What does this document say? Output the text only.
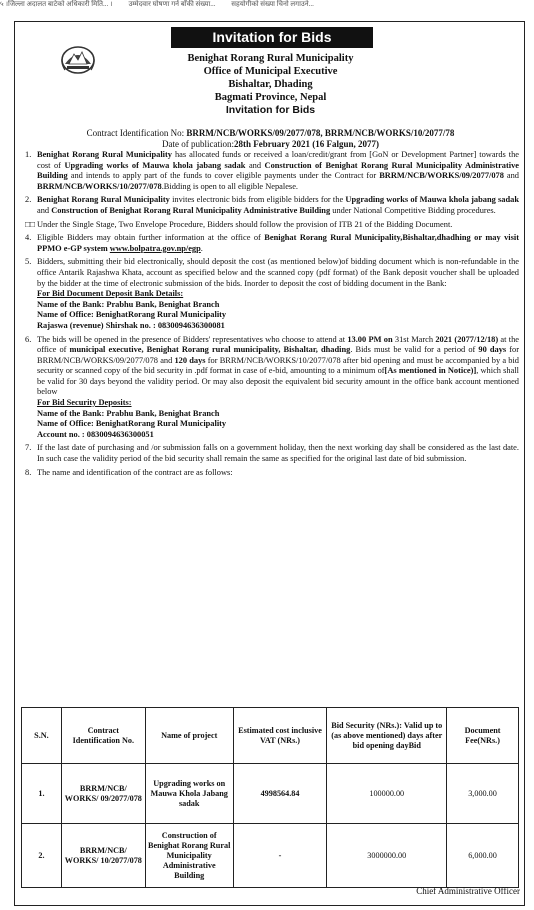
५ ।जिल्ला अदालत बाटेको अधिकारी मिति... । उम्मेदवार घोषणा गर्न बाँकी संख्या... सहयोगीको संख्या चिनो लगाउने...
Invitation for Bids
Benighat Rorang Rural Municipality
Office of Municipal Executive
Bishaltar, Dhading
Bagmati Province, Nepal
Invitation for Bids
Contract Identification No: BRRM/NCB/WORKS/09/2077/078, BRRM/NCB/WORKS/10/2077/78
Date of publication:28th February 2021 (16 Falgun, 2077)
1. Benighat Rorang Rural Municipality has allocated funds or received a loan/credit/grant from [GoN or Development Partner] towards the cost of Upgrading works of Mauwa khola jabang sadak and Construction of Benighat Rorang Rural Municipality Administrative Building and intends to apply part of the funds to cover eligible payments under the Contract for BRRM/NCB/WORKS/09/2077/078 and BRRM/NCB/WORKS/10/2077/078.Bidding is open to all eligible Nepalese.
2. Benighat Rorang Rural Municipality invites electronic bids from eligible bidders for the Upgrading works of Mauwa khola jabang sadak and Construction of Benighat Rorang Rural Municipality Administrative Building under National Competitive Bidding procedures.
□□ Under the Single Stage, Two Envelope Procedure, Bidders should follow the provision of ITB 21 of the Bidding Document.
4. Eligible Bidders may obtain further information at the office of Benighat Rorang Rural Municipality,Bishaltar,dhadhing or may visit PPMO e-GP system www.bolpatra.gov.np/egp.
5. Bidders, submitting their bid electronically, should deposit the cost (as mentioned below)of bidding document which is non-refundable in the office Antarik Rajashwa Khata, account as specified below and the scanned copy (pdf format) of the Bank deposit voucher shall be uploaded by the bidder at the time of electronic submission of the bids. Inorder to deposit the cost of bidding document in the Bank:
For Bid Document Deposit Bank Details:
Name of the Bank: Prabhu Bank, Benighat Branch
Name of Office: BenighatRorang Rural Municipality
Rajaswa (revenue) Shirshak no. : 0830094636300081
6. The bids will be opened in the presence of Bidders' representatives who choose to attend at 13.00 PM on 31st March 2021 (2077/12/18) at the office of municipal executive, Benighat Rorang rural municipality, Bishaltar, dhading. Bids must be valid for a period of 90 days for BRRM/NCB/WORKS/09/2077/078 and 120 days for BRRM/NCB/WORKS/10/2077/078 after bid opening and must be accompanied by a bid security or scanned copy of the bid security in .pdf format in case of e-bid, amounting to a minimum of[As mentioned in Notice)], which shall be valid for 30 days beyond the validity period. Or may also deposit the equivalent bid security amount in the office bank account mentioned below
For Bid Security Deposits:
Name of the Bank: Prabhu Bank, Benighat Branch
Name of Office: BenighatRorang Rural Municipality
Account no. : 0830094636300051
7. If the last date of purchasing and /or submission falls on a government holiday, then the next working day shall be considered as the last date. In such case the validity period of the bid security shall remain the same as specified for the original last date of bid submission.
8. The name and identification of the contract are as follows:
S.N.	Contract Identification No.	Name of project	Estimated cost inclusive VAT (NRs.)	Bid Security (NRs.): Valid up to (as above mentioned) days after bid opening dayBid	Document Fee(NRs.)
1.	BRRM/NCB/ WORKS/ 09/2077/078	Upgrading works on Mauwa Khola Jabang sadak	4998564.84	100000.00	3,000.00
2.	BRRM/NCB/ WORKS/ 10/2077/078	Construction of Benighat Rorang Rural Municipality Administrative Building	-	3000000.00	6,000.00
Chief Administrative Officer
